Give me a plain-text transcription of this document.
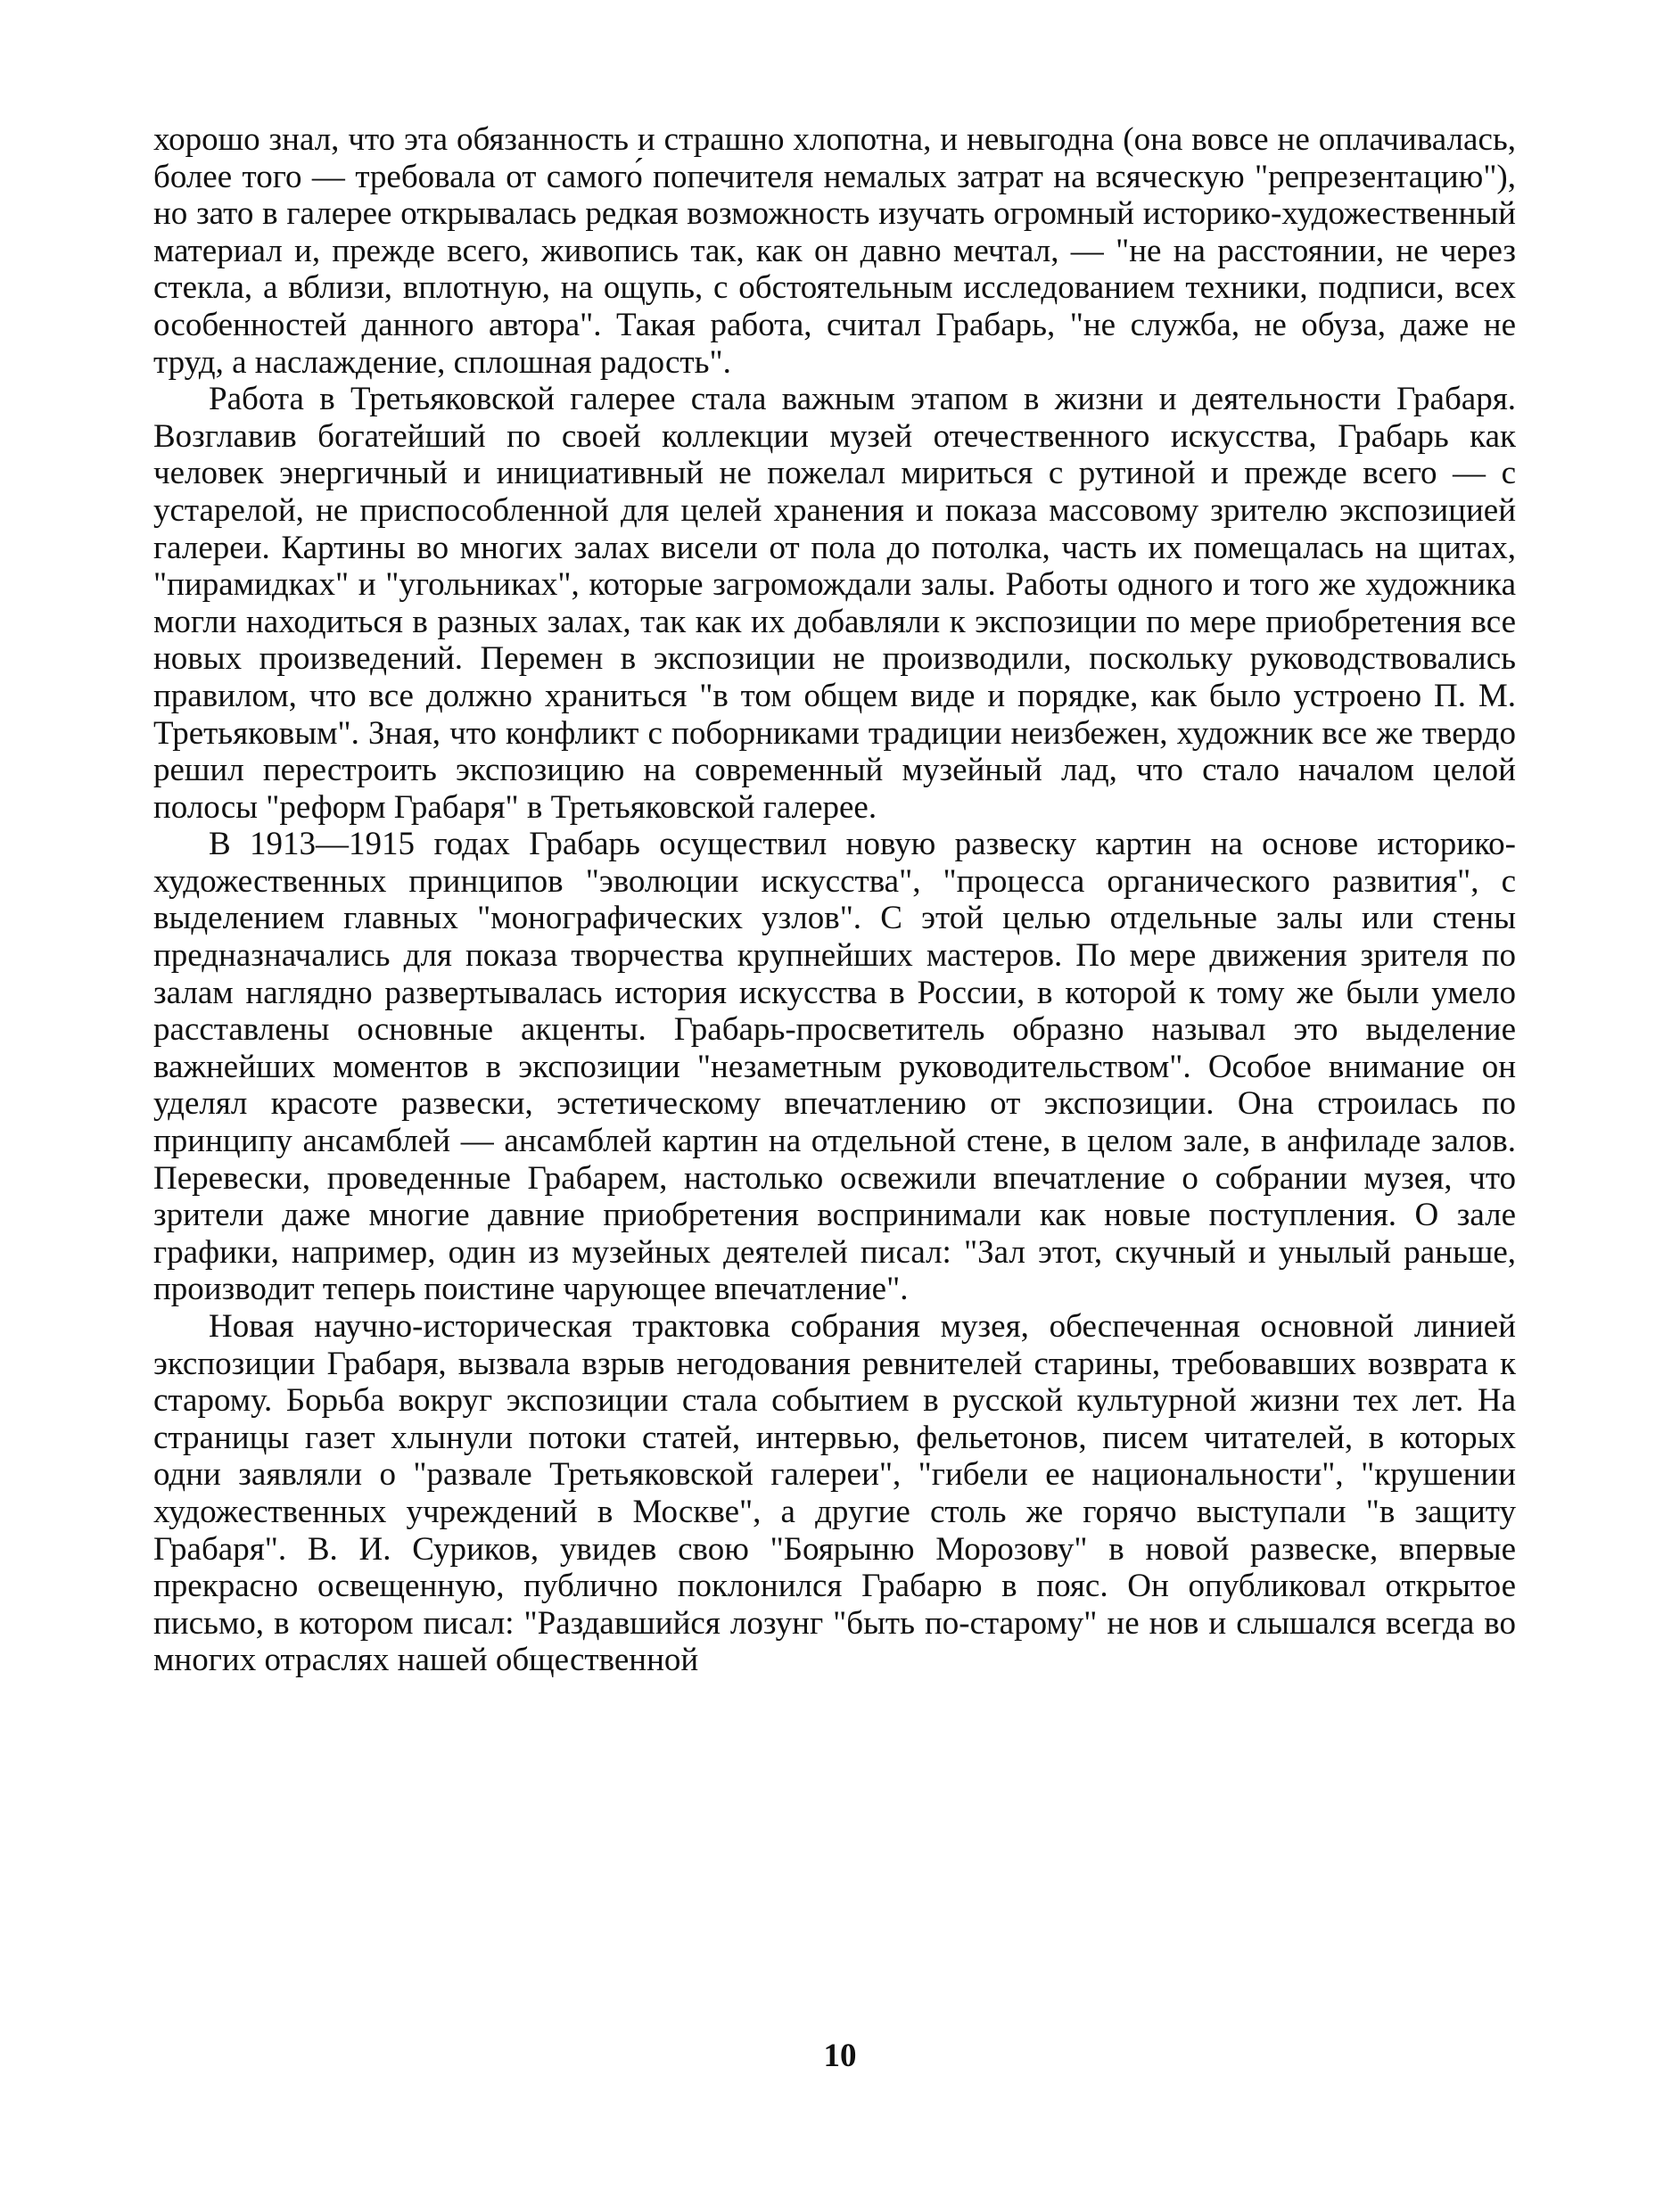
хорошо знал, что эта обязанность и страшно хлопотна, и невыгодна (она вовсе не оплачивалась, более того — требовала от самого́ попечителя немалых затрат на всяческую "репрезентацию"), но зато в галерее открывалась редкая возможность изучать огромный историко-художественный материал и, прежде всего, живопись так, как он давно мечтал, — "не на расстоянии, не через стекла, а вблизи, вплотную, на ощупь, с обстоятельным исследованием техники, подписи, всех особенностей данного автора". Такая работа, считал Грабарь, "не служба, не обуза, даже не труд, а наслаждение, сплошная радость".

Работа в Третьяковской галерее стала важным этапом в жизни и деятельности Грабаря. Возглавив богатейший по своей коллекции музей отечественного искусства, Грабарь как человек энергичный и инициативный не пожелал мириться с рутиной и прежде всего — с устарелой, не приспособленной для целей хранения и показа массовому зрителю экспозицией галереи. Картины во многих залах висели от пола до потолка, часть их помещалась на щитах, "пирамидках" и "угольниках", которые загромождали залы. Работы одного и того же художника могли находиться в разных залах, так как их добавляли к экспозиции по мере приобретения все новых произведений. Перемен в экспозиции не производили, поскольку руководствовались правилом, что все должно храниться "в том общем виде и порядке, как было устроено П. М. Третьяковым". Зная, что конфликт с поборниками традиции неизбежен, художник все же твердо решил перестроить экспозицию на современный музейный лад, что стало началом целой полосы "реформ Грабаря" в Третьяковской галерее.

В 1913—1915 годах Грабарь осуществил новую развеску картин на основе историко-художественных принципов "эволюции искусства", "процесса органического развития", с выделением главных "монографических узлов". С этой целью отдельные залы или стены предназначались для показа творчества крупнейших мастеров. По мере движения зрителя по залам наглядно развертывалась история искусства в России, в которой к тому же были умело расставлены основные акценты. Грабарь-просветитель образно называл это выделение важнейших моментов в экспозиции "незаметным руководительством". Особое внимание он уделял красоте развески, эстетическому впечатлению от экспозиции. Она строилась по принципу ансамблей — ансамблей картин на отдельной стене, в целом зале, в анфиладе залов. Перевески, проведенные Грабарем, настолько освежили впечатление о собрании музея, что зрители даже многие давние приобретения воспринимали как новые поступления. О зале графики, например, один из музейных деятелей писал: "Зал этот, скучный и унылый раньше, производит теперь поистине чарующее впечатление".

Новая научно-историческая трактовка собрания музея, обеспеченная основной линией экспозиции Грабаря, вызвала взрыв негодования ревнителей старины, требовавших возврата к старому. Борьба вокруг экспозиции стала событием в русской культурной жизни тех лет. На страницы газет хлынули потоки статей, интервью, фельетонов, писем читателей, в которых одни заявляли о "развале Третьяковской галереи", "гибели ее национальности", "крушении художественных учреждений в Москве", а другие столь же горячо выступали "в защиту Грабаря". В. И. Суриков, увидев свою "Боярыню Морозову" в новой развеске, впервые прекрасно освещенную, публично поклонился Грабарю в пояс. Он опубликовал открытое письмо, в котором писал: "Раздавшийся лозунг "быть по-старому" не нов и слышался всегда во многих отраслях нашей общественной

10
